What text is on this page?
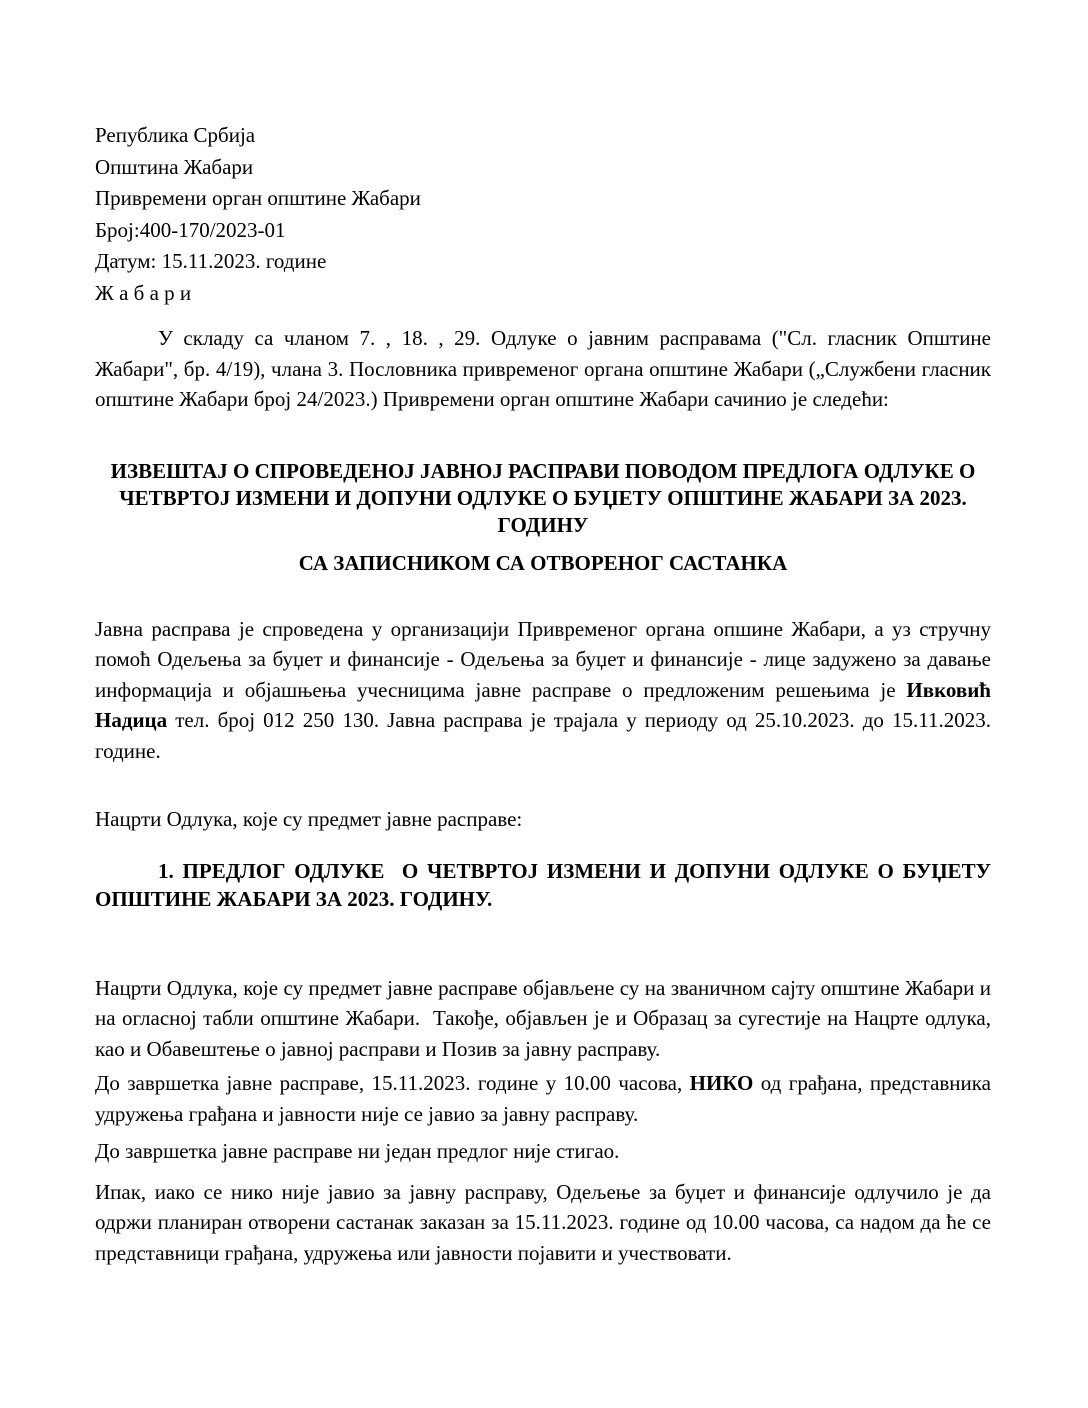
Република Србија
Општина Жабари
Привремени орган општине Жабари
Број:400-170/2023-01
Датум: 15.11.2023. године
Ж а б а р и

У складу са чланом 7. , 18. , 29. Одлуке о јавним расправама ("Сл. гласник Општине Жабари", бр. 4/19), члана 3. Пословника привременог органа општине Жабари („Службени гласник општине Жабари број 24/2023.) Привремени орган општине Жабари сачинио је следећи:

ИЗВЕШТАЈ О СПРОВЕДЕНОЈ ЈАВНОЈ РАСПРАВИ ПОВОДОМ ПРЕДЛОГА ОДЛУКЕ О ЧЕТВРТОЈ ИЗМЕНИ И ДОПУНИ ОДЛУКЕ О БУЏЕТУ ОПШТИНЕ ЖАБАРИ ЗА 2023. ГОДИНУ
СА ЗАПИСНИКОМ СА ОТВОРЕНОГ САСТАНКА

Јавна расправа је спроведена у организацији Привременог органа опшине Жабари, а уз стручну помоћ Одељења за буџет и финансије - Одељења за буџет и финансије - лице задужено за давање информација и објашњења учесницима јавне расправе о предложеним решењима је Ивковић Надица тел. број 012 250 130. Јавна расправа је трајала у периоду од 25.10.2023. до 15.11.2023. године.

Нацрти Одлука, које су предмет јавне расправе:

1. ПРЕДЛОГ ОДЛУКЕ  О ЧЕТВРТОЈ ИЗМЕНИ И ДОПУНИ ОДЛУКЕ О БУЏЕТУ ОПШТИНЕ ЖАБАРИ ЗА 2023. ГОДИНУ.

Нацрти Одлука, које су предмет јавне расправе објављене су на званичном сајту општине Жабари и на огласној табли општине Жабари.  Такође, објављен је и Образац за сугестије на Нацрте одлука, као и Обавештење о јавној расправи и Позив за јавну расправу.

До завршетка јавне расправе, 15.11.2023. године у 10.00 часова, НИКО од грађана, представника удружења грађана и јавности није се јавио за јавну расправу.

До завршетка јавне расправе ни један предлог није стигао.

Ипак, иако се нико није јавио за јавну расправу, Одељење за буџет и финансије одлучило је да одржи планиран отворени састанак заказан за 15.11.2023. године од 10.00 часова, са надом да ће се представници грађана, удружења или јавности појавити и учествовати.
